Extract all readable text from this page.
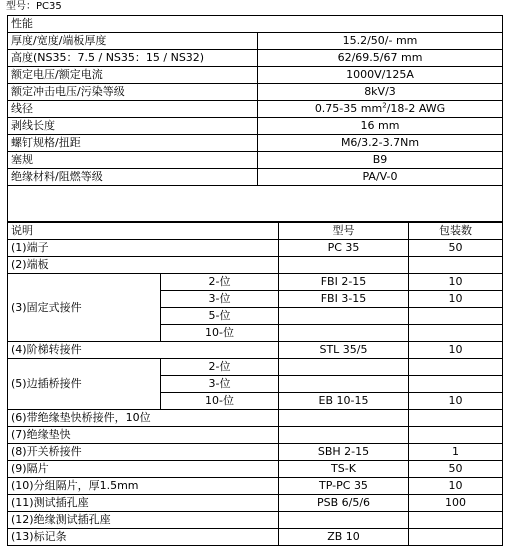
型号：PC35
性能	
厚度/宽度/端板厚度	15.2/50/- mm
高度(NS35：7.5 / NS35：15 / NS32)	62/69.5/67 mm
额定电压/额定电流	1000V/125A
额定冲击电压/污染等级	8kV/3
线径	0.75-35 $mm^2/18-2$ AWG
剥线长度	16 mm
螺钉规格/扭距	M6/3.2-3.7Nm
塞规	B9
绝缘材料/阻燃等级	PA/V-0

说明		型号	包装数
(1)端子		PC 35	50
(2)端板			
(3)固定式接件	2-位	FBI 2-15	10
	3-位	FBI 3-15	10
	5-位		
	10-位		
(4)阶梯转接件		STL 35/5	10
(5)边插桥接件	2-位		
	3-位		
	10-位	EB 10-15	10
(6)带绝缘垫快桥接件，10位			
(7)绝缘垫快			
(8)开关桥接件		SBH 2-15	1
(9)隔片		TS-K	50
(10)分组隔片，厚1.5mm		TP-PC 35	10
(11)测试插孔座		PSB 6/5/6	100
(12)绝缘测试插孔座			
(13)标记条		ZB 10	
